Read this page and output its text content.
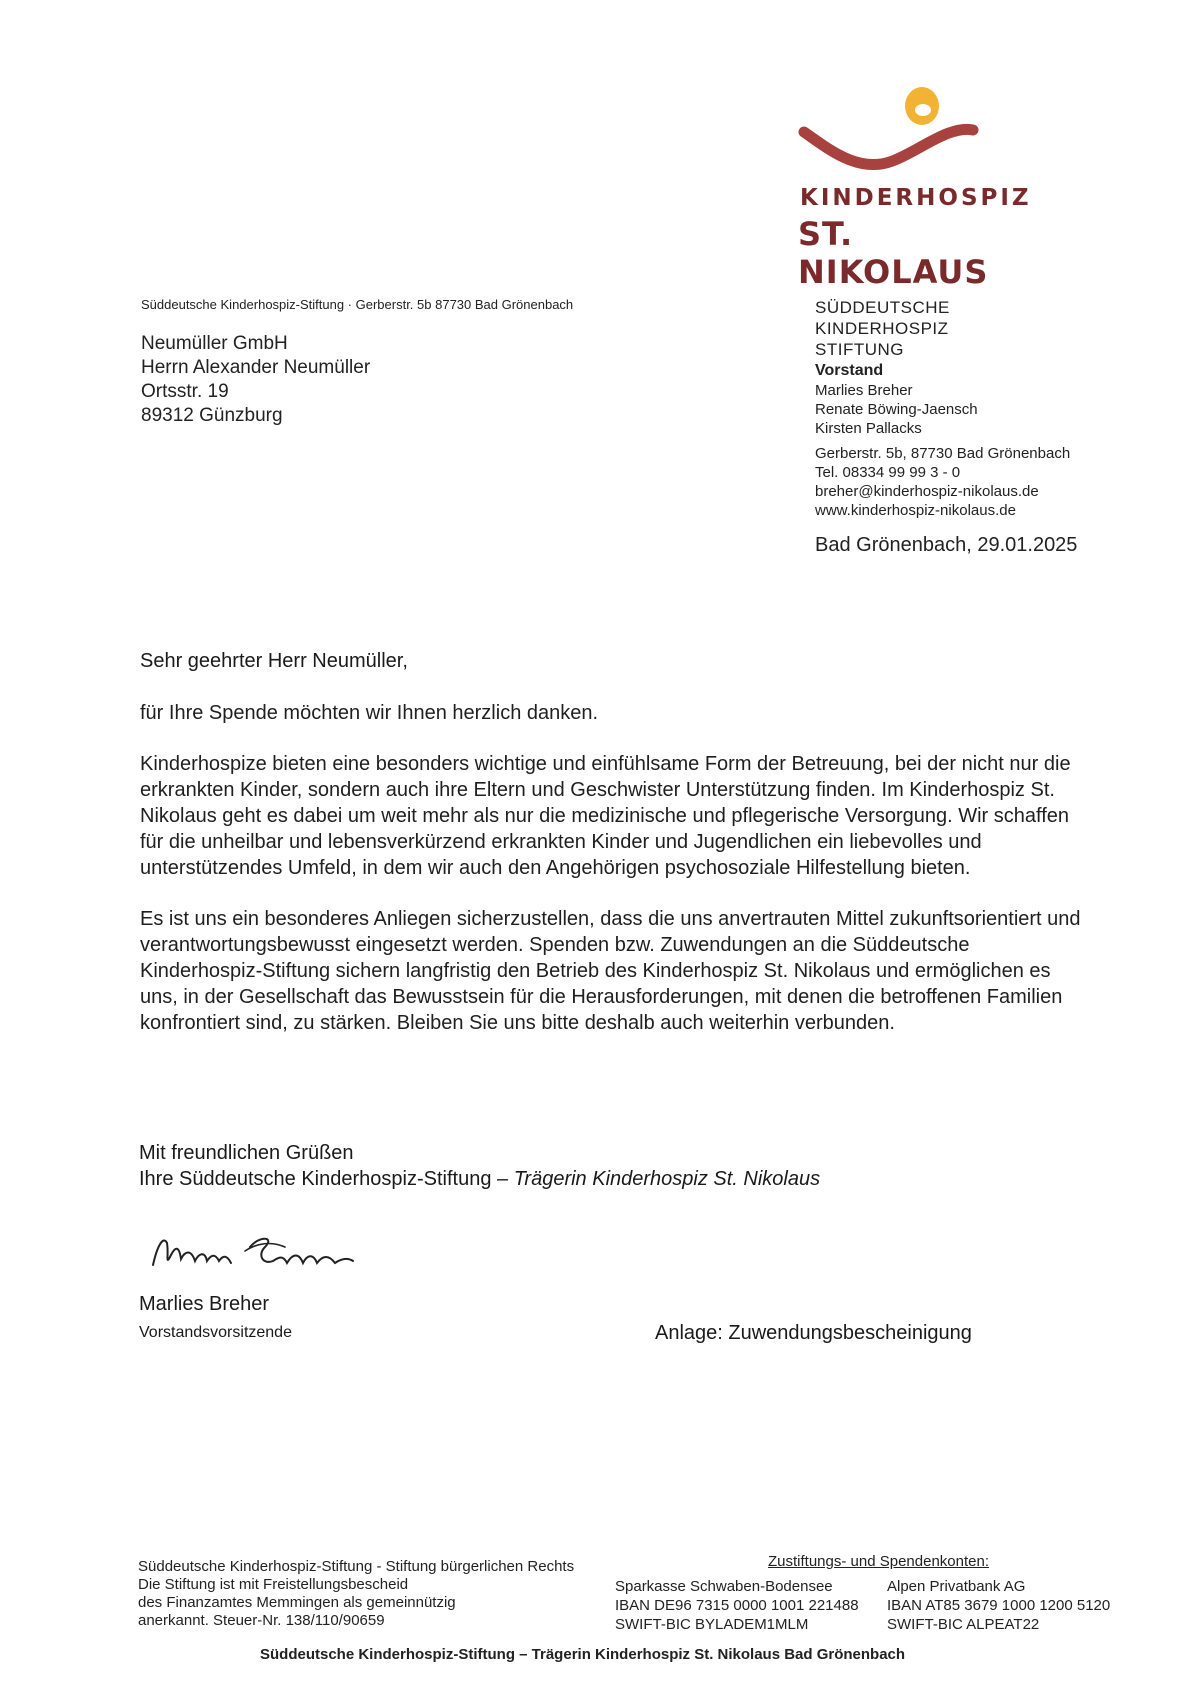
KINDERHOSPIZ
ST. NIKOLAUS
Süddeutsche Kinderhospiz-Stiftung · Gerberstr. 5b 87730 Bad Grönenbach
Neumüller GmbH
Herrn Alexander Neumüller
Ortsstr. 19
89312 Günzburg
SÜDDEUTSCHE
KINDERHOSPIZ
STIFTUNG
Vorstand
Marlies Breher
Renate Böwing-Jaensch
Kirsten Pallacks
Gerberstr. 5b, 87730 Bad Grönenbach
Tel. 08334 99 99 3 - 0
breher@kinderhospiz-nikolaus.de
www.kinderhospiz-nikolaus.de
Bad Grönenbach, 29.01.2025
Sehr geehrter Herr Neumüller,

für Ihre Spende möchten wir Ihnen herzlich danken.

Kinderhospize bieten eine besonders wichtige und einfühlsame Form der Betreuung, bei der nicht nur die erkrankten Kinder, sondern auch ihre Eltern und Geschwister Unterstützung finden. Im Kinderhospiz St. Nikolaus geht es dabei um weit mehr als nur die medizinische und pflegerische Versorgung. Wir schaffen für die unheilbar und lebensverkürzend erkrankten Kinder und Jugendlichen ein liebevolles und unterstützendes Umfeld, in dem wir auch den Angehörigen psychosoziale Hilfestellung bieten.

Es ist uns ein besonderes Anliegen sicherzustellen, dass die uns anvertrauten Mittel zukunftsorientiert und verantwortungsbewusst eingesetzt werden. Spenden bzw. Zuwendungen an die Süddeutsche Kinderhospiz-Stiftung sichern langfristig den Betrieb des Kinderhospiz St. Nikolaus und ermöglichen es uns, in der Gesellschaft das Bewusstsein für die Herausforderungen, mit denen die betroffenen Familien konfrontiert sind, zu stärken. Bleiben Sie uns bitte deshalb auch weiterhin verbunden.

Mit freundlichen Grüßen
Ihre Süddeutsche Kinderhospiz-Stiftung – Trägerin Kinderhospiz St. Nikolaus
Marlies Breher
Vorstandsvorsitzende	Anlage: Zuwendungsbescheinigung
Süddeutsche Kinderhospiz-Stiftung - Stiftung bürgerlichen Rechts
Die Stiftung ist mit Freistellungsbescheid
des Finanzamtes Memmingen als gemeinnützig
anerkannt. Steuer-Nr. 138/110/90659
Zustiftungs- und Spendenkonten:
Sparkasse Schwaben-Bodensee
IBAN DE96 7315 0000 1001 221488
SWIFT-BIC BYLADEM1MLM
Alpen Privatbank AG
IBAN AT85 3679 1000 1200 5120
SWIFT-BIC ALPEAT22
Süddeutsche Kinderhospiz-Stiftung – Trägerin Kinderhospiz St. Nikolaus Bad Grönenbach
